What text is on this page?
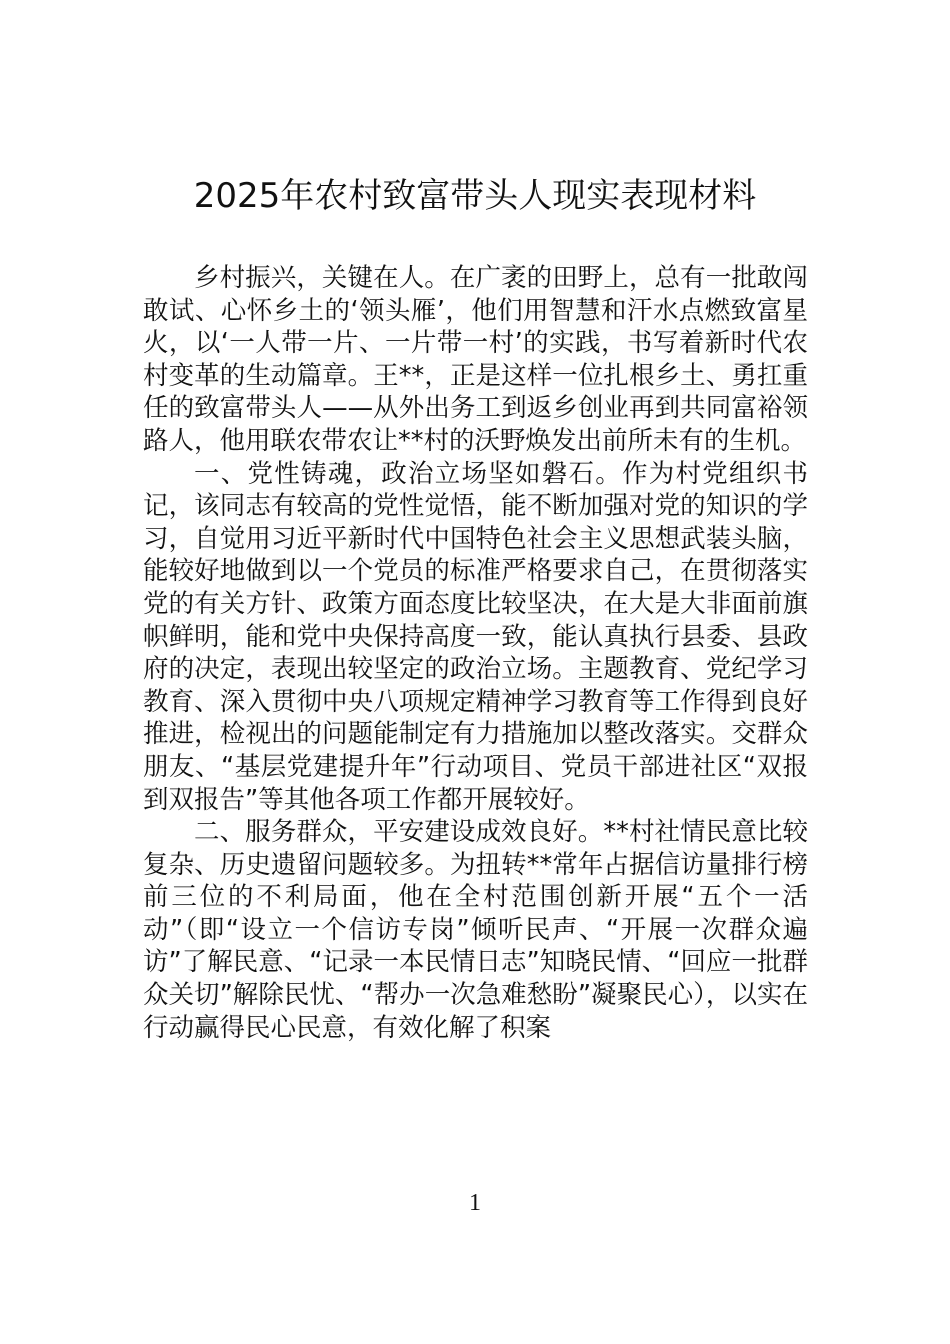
2025年农村致富带头人现实表现材料

乡村振兴，关键在人。在广袤的田野上，总有一批敢闯敢试、心怀乡土的‘领头雁’，他们用智慧和汗水点燃致富星火，以‘一人带一片、一片带一村’的实践，书写着新时代农村变革的生动篇章。王**，正是这样一位扎根乡土、勇扛重任的致富带头人——从外出务工到返乡创业再到共同富裕领路人，他用联农带农让**村的沃野焕发出前所未有的生机。

一、党性铸魂，政治立场坚如磐石。作为村党组织书记，该同志有较高的党性觉悟，能不断加强对党的知识的学习，自觉用习近平新时代中国特色社会主义思想武装头脑，能较好地做到以一个党员的标准严格要求自己，在贯彻落实党的有关方针、政策方面态度比较坚决，在大是大非面前旗帜鲜明，能和党中央保持高度一致，能认真执行县委、县政府的决定，表现出较坚定的政治立场。主题教育、党纪学习教育、深入贯彻中央八项规定精神学习教育等工作得到良好推进，检视出的问题能制定有力措施加以整改落实。交群众朋友、“基层党建提升年”行动项目、党员干部进社区“双报到双报告”等其他各项工作都开展较好。

二、服务群众，平安建设成效良好。**村社情民意比较复杂、历史遗留问题较多。为扭转**常年占据信访量排行榜前三位的不利局面，他在全村范围创新开展“五个一活动”（即“设立一个信访专岗”倾听民声、“开展一次群众遍访”了解民意、“记录一本民情日志”知晓民情、“回应一批群众关切”解除民忧、“帮办一次急难愁盼”凝聚民心），以实在行动赢得民心民意，有效化解了积案

1
